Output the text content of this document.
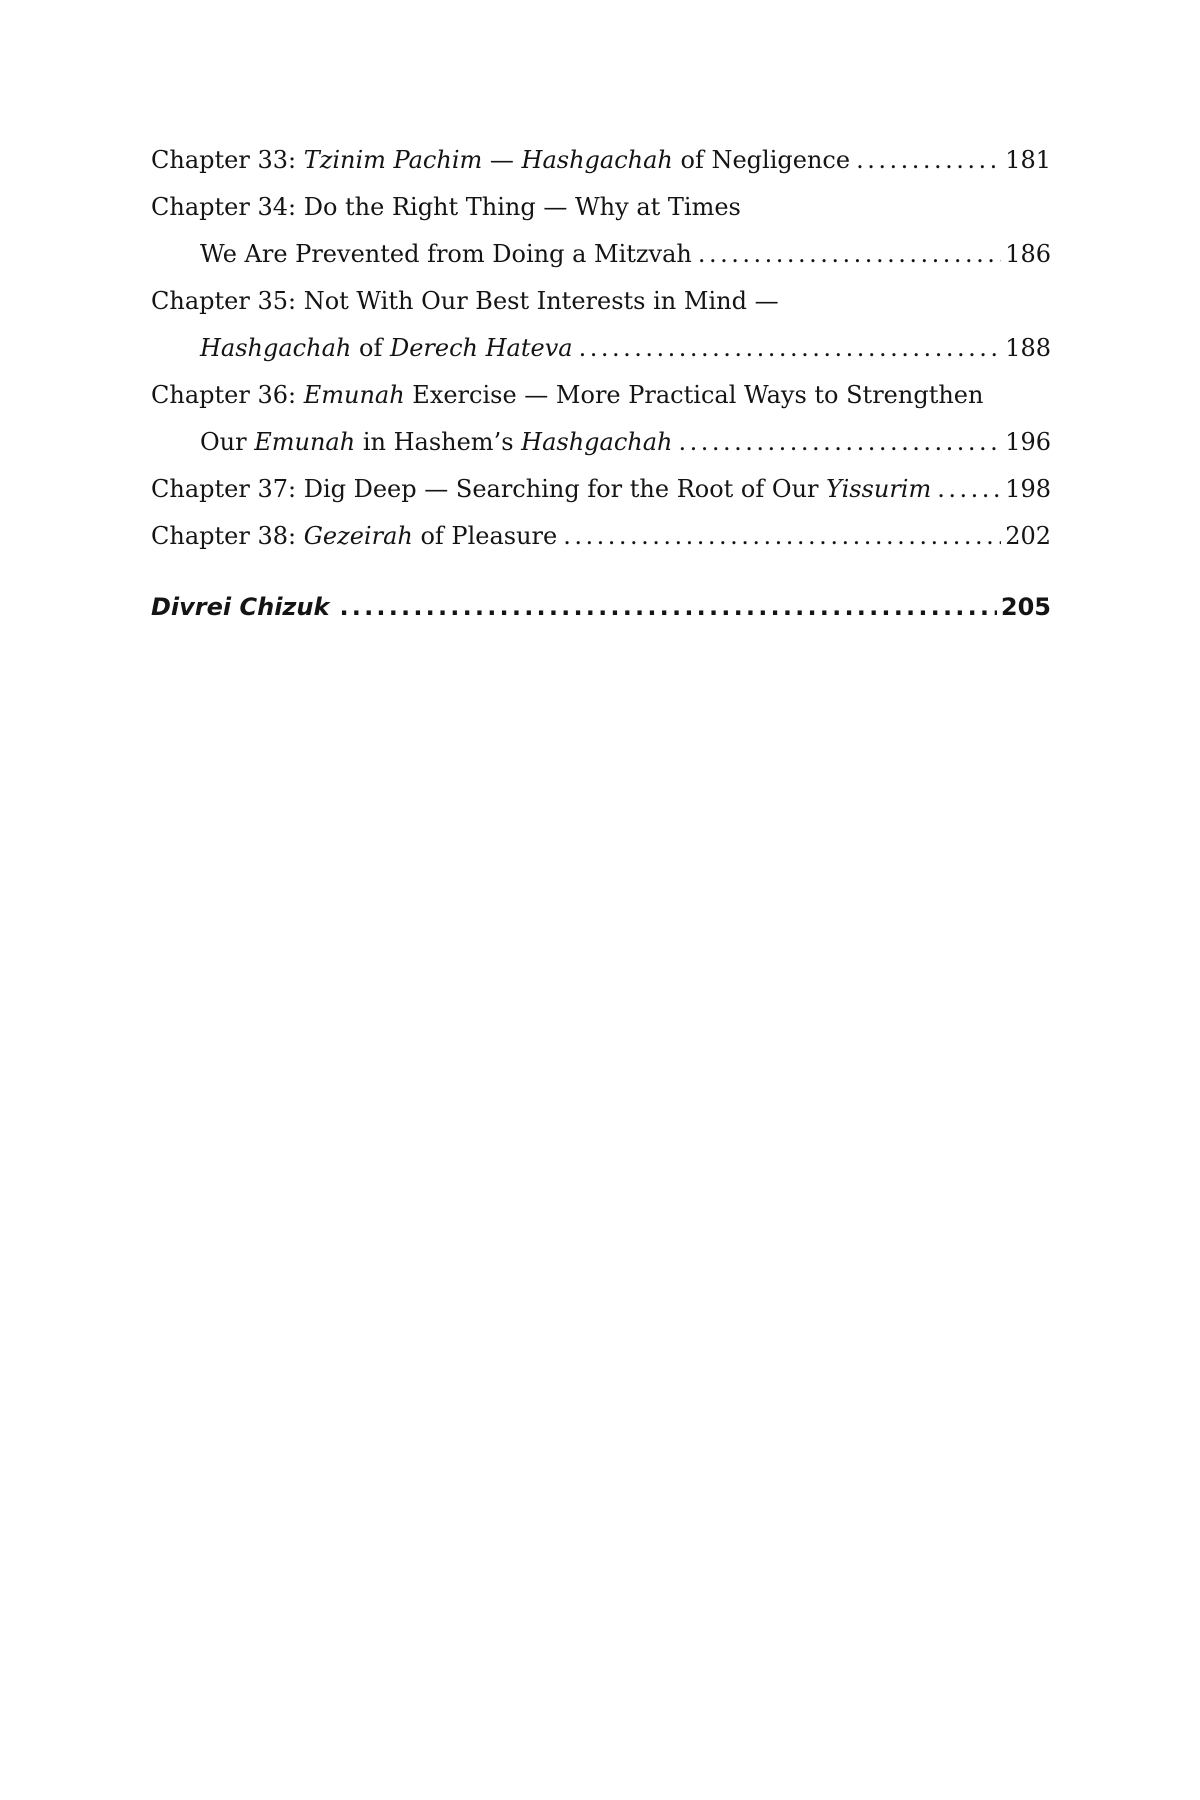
Chapter 33: Tzinim Pachim — Hashgachah of Negligence .....	181
Chapter 34: Do the Right Thing — Why at Times
We Are Prevented from Doing a Mitzvah .....	186
Chapter 35: Not With Our Best Interests in Mind —
Hashgachah of Derech Hateva .....	188
Chapter 36: Emunah Exercise — More Practical Ways to Strengthen
Our Emunah in Hashem’s Hashgachah .....	196
Chapter 37: Dig Deep — Searching for the Root of Our Yissurim .....	198
Chapter 38: Gezeirah of Pleasure .....	202
Divrei Chizuk .....	205
